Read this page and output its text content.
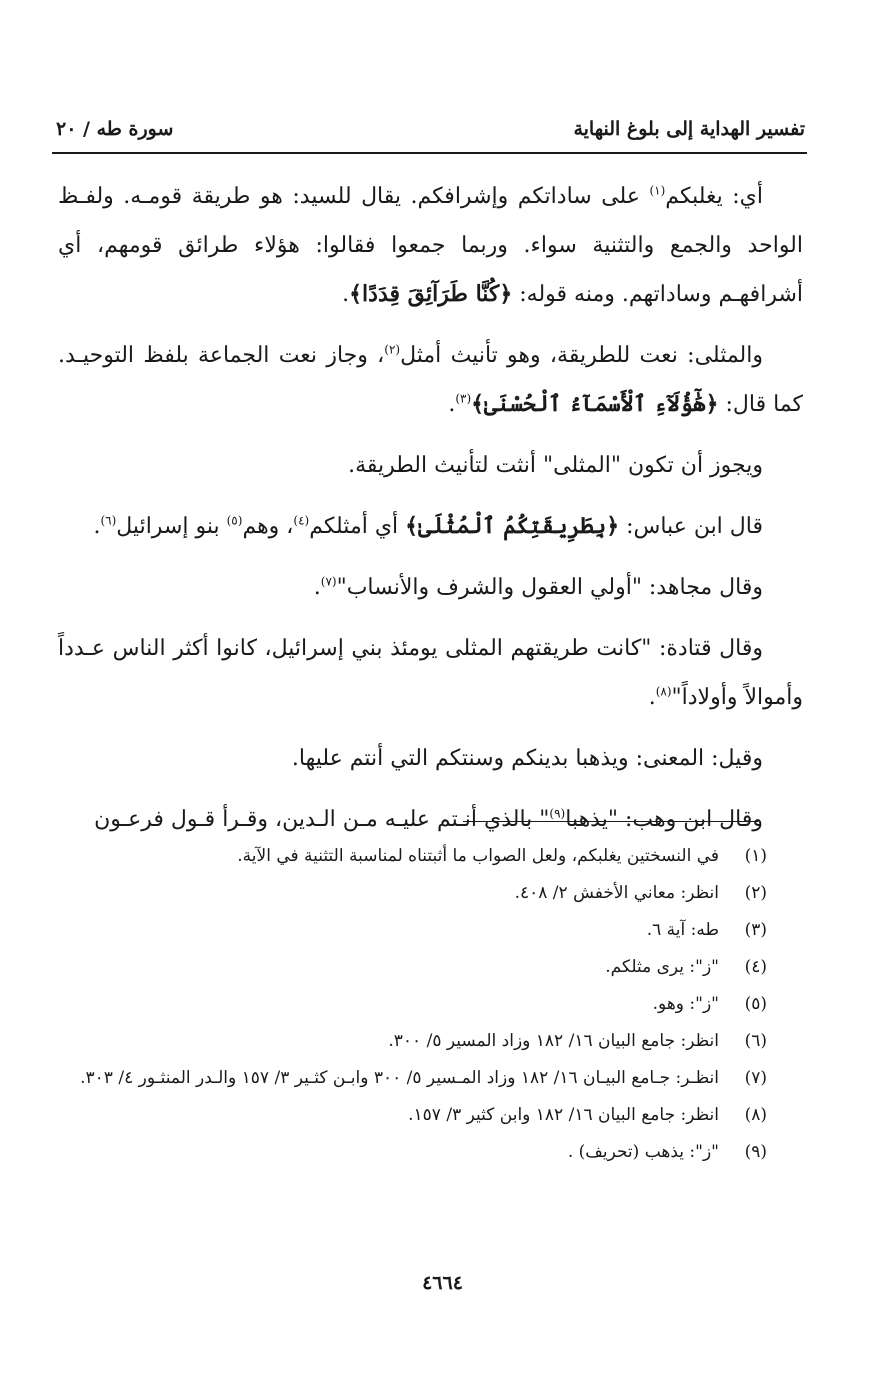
تفسير الهداية إلى بلوغ النهاية
سورة طه / ٢٠

أي: يغلبكم$^{(١)}$ على ساداتكم وإشرافكم. يقال للسيد: هو طريقة قومـه. ولفـظ الواحد والجمع والتثنية سواء. وربما جمعوا فقالوا: هؤلاء طرائق قومهم، أي أشرافهـم وساداتهم. ومنه قوله: ﴿كُنَّا طَرَآئِقَ قِدَدًا﴾.

والمثلى: نعت للطريقة، وهو تأنيث أمثل$^{(٢)}$، وجاز نعت الجماعة بلفظ التوحيـد. كما قال: ﴿هَٰٓؤُلَآءِ ٱلْأَسْمَآءُ ٱلْحُسْنَىٰ﴾$^{(٣)}$.

ويجوز أن تكون "المثلى" أنثت لتأنيث الطريقة.

قال ابن عباس: ﴿بِطَرِيقَتِكُمُ ٱلْمُثْلَىٰ﴾ أي أمثلكم$^{(٤)}$، وهم$^{(٥)}$ بنو إسرائيل$^{(٦)}$.

وقال مجاهد: "أولي العقول والشرف والأنساب"$^{(٧)}$.

وقال قتادة: "كانت طريقتهم المثلى يومئذ بني إسرائيل، كانوا أكثر الناس عـدداً وأموالاً وأولاداً"$^{(٨)}$.

وقيل: المعنى: ويذهبا بدينكم وسنتكم التي أنتم عليها.

وقال ابن وهب: "يذهبا$^{(٩)}$" بالذي أنـتم عليـه مـن الـدين، وقـرأ قـول فرعـون

(١)
في النسختين يغلبكم، ولعل الصواب ما أثبتناه لمناسبة التثنية في الآية.
(٢)
انظر: معاني الأخفش ٢/ ٤٠٨.
(٣)
طه: آية ٦.
(٤)
"ز": يرى مثلكم.
(٥)
"ز": وهو.
(٦)
انظر: جامع البيان ١٦/ ١٨٢ وزاد المسير ٥/ ٣٠٠.
(٧)
انظـر: جـامع البيـان ١٦/ ١٨٢ وزاد المـسير ٥/ ٣٠٠ وابـن كثـير ٣/ ١٥٧ والـدر المنثـور ٤/ ٣٠٣.
(٨)
انظر: جامع البيان ١٦/ ١٨٢ وابن كثير ٣/ ١٥٧.
(٩)
"ز": يذهب (تحريف) .
٤٦٦٤
